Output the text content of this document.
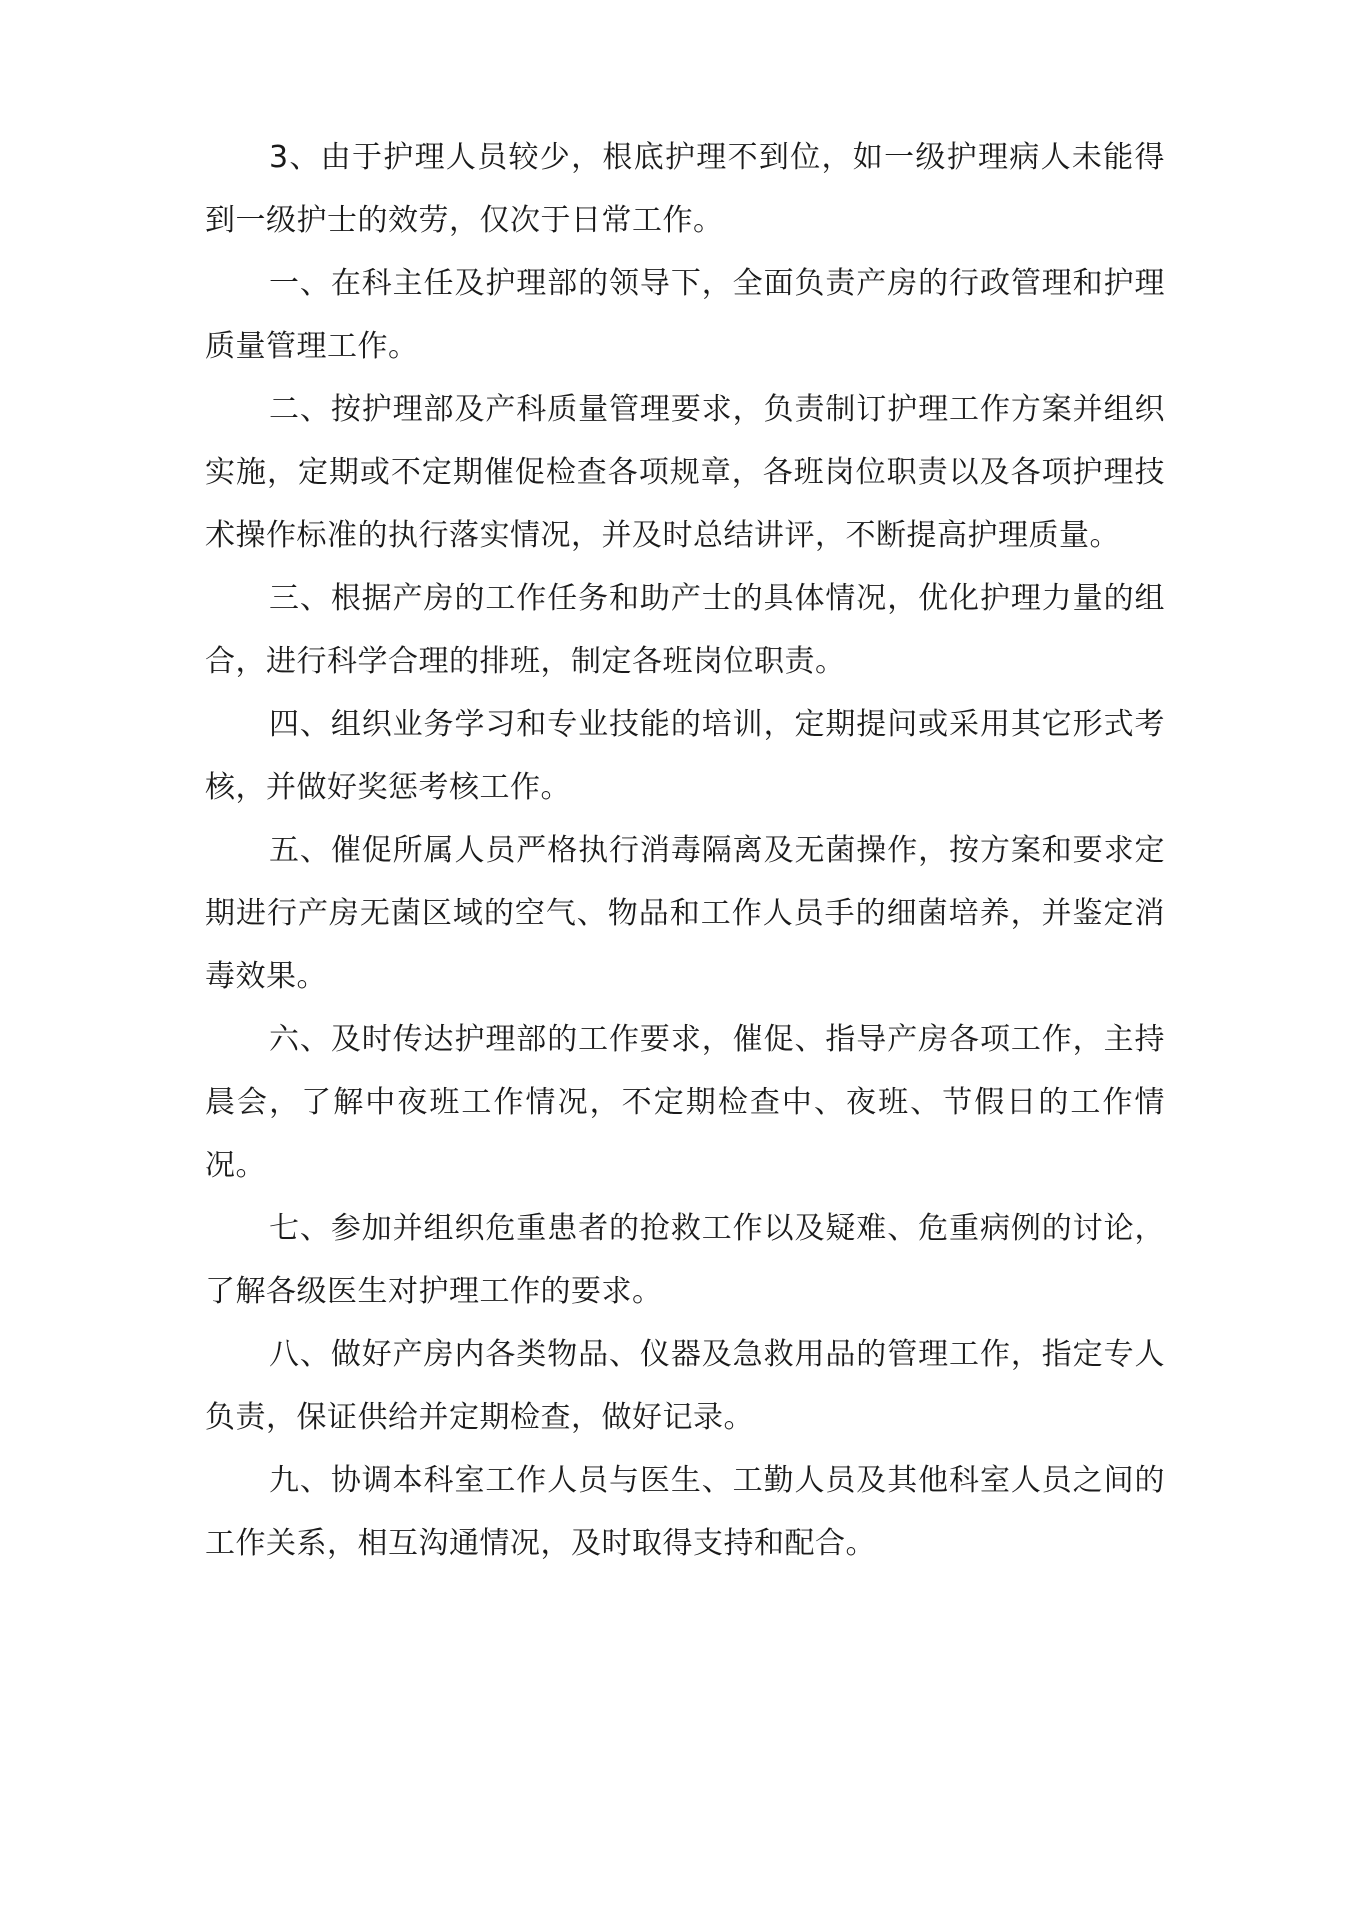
3、由于护理人员较少，根底护理不到位，如一级护理病人未能得到一级护士的效劳，仅次于日常工作。

一、在科主任及护理部的领导下，全面负责产房的行政管理和护理质量管理工作。

二、按护理部及产科质量管理要求，负责制订护理工作方案并组织实施，定期或不定期催促检查各项规章，各班岗位职责以及各项护理技术操作标准的执行落实情况，并及时总结讲评，不断提高护理质量。

三、根据产房的工作任务和助产士的具体情况，优化护理力量的组合，进行科学合理的排班，制定各班岗位职责。

四、组织业务学习和专业技能的培训，定期提问或采用其它形式考核，并做好奖惩考核工作。

五、催促所属人员严格执行消毒隔离及无菌操作，按方案和要求定期进行产房无菌区域的空气、物品和工作人员手的细菌培养，并鉴定消毒效果。

六、及时传达护理部的工作要求，催促、指导产房各项工作，主持晨会，了解中夜班工作情况，不定期检查中、夜班、节假日的工作情况。

七、参加并组织危重患者的抢救工作以及疑难、危重病例的讨论，了解各级医生对护理工作的要求。

八、做好产房内各类物品、仪器及急救用品的管理工作，指定专人负责，保证供给并定期检查，做好记录。

九、协调本科室工作人员与医生、工勤人员及其他科室人员之间的工作关系，相互沟通情况，及时取得支持和配合。
